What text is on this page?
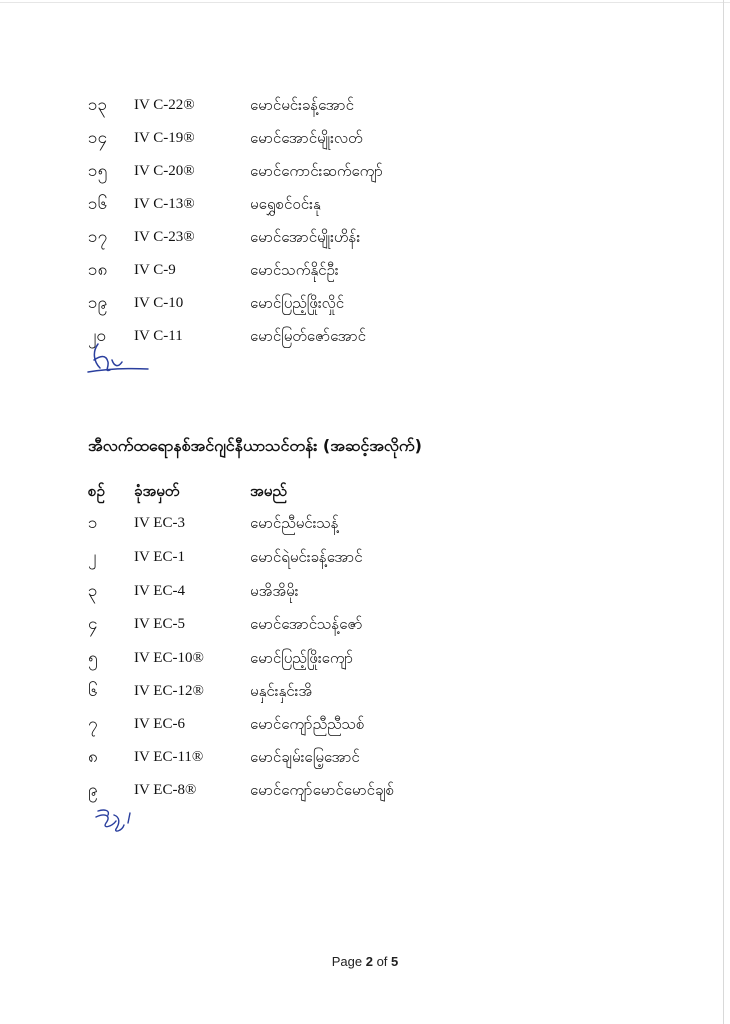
၁၃	IV C-22®	မောင်မင်းခန့်အောင်
၁၄	IV C-19®	မောင်အောင်မျိုးလတ်
၁၅	IV C-20®	မောင်ကောင်းဆက်ကျော်
၁၆	IV C-13®	မရွှေစင်ဝင်းနု
၁၇	IV C-23®	မောင်အောင်မျိုးဟိန်း
၁၈	IV C-9	မောင်သက်နိုင်ဦး
၁၉	IV C-10	မောင်ပြည့်ဖြိုးလှိုင်
၂၀	IV C-11	မောင်မြတ်ဇော်အောင်
အီလက်ထရောနစ်အင်ဂျင်နီယာသင်တန်း (အဆင့်အလိုက်)
စဥ်	ခုံအမှတ်	အမည်
၁	IV EC-3	မောင်ညီမင်းသန့်
၂	IV EC-1	မောင်ရဲမင်းခန့်အောင်
၃	IV EC-4	မအိအိမိုး
၄	IV EC-5	မောင်အောင်သန့်ဇော်
၅	IV EC-10®	မောင်ပြည့်ဖြိုးကျော်
၆	IV EC-12®	မနှင်းနှင်းအိ
၇	IV EC-6	မောင်ကျော်ညီညီသစ်
၈	IV EC-11®	မောင်ချမ်းမြေ့အောင်
၉	IV EC-8®	မောင်ကျော်မောင်မောင်ချစ်
Page 2 of 5
